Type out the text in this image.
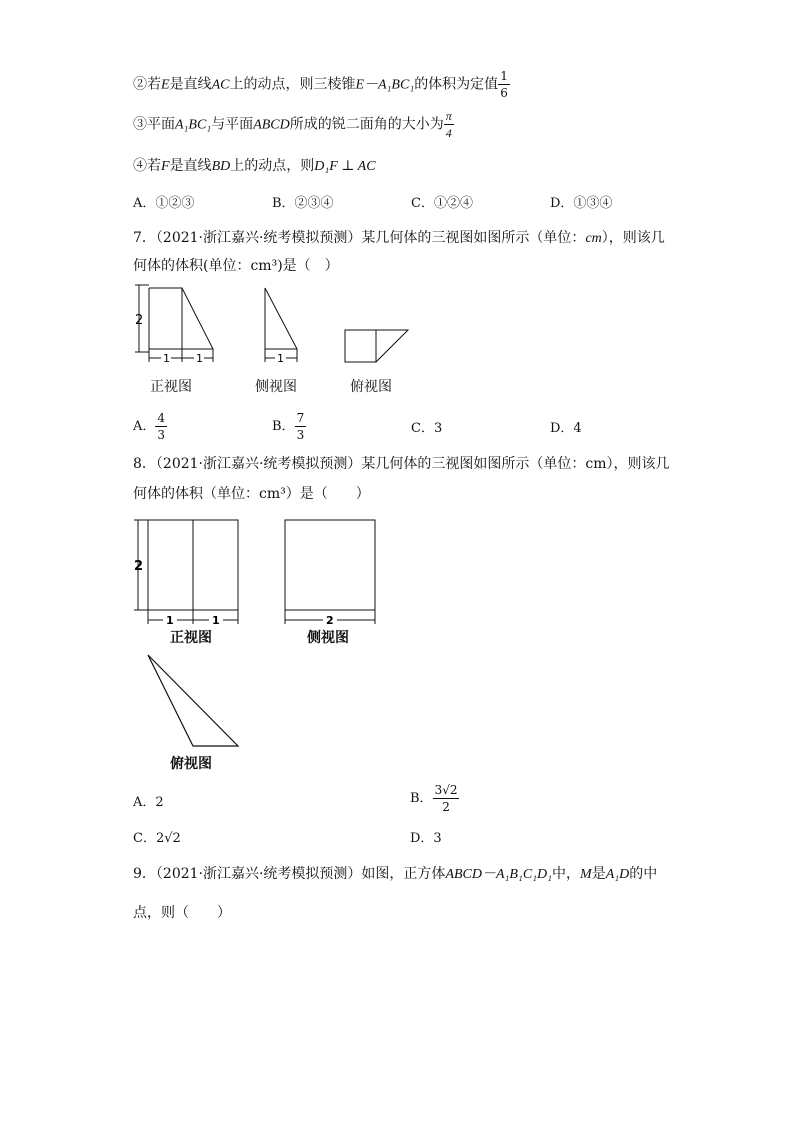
②若E是直线AC上的动点，则三棱锥E－A₁BC₁的体积为定值 $\frac{1}{6}$
③平面A₁BC₁与平面ABCD所成的锐二面角的大小为 $\frac{\pi}{4}$
④若F是直线BD上的动点，则D₁F ⊥ AC
A．①②③	B．②③④	C．①②④	D．①③④
7．（2021·浙江嘉兴·统考模拟预测）某几何体的三视图如图所示（单位：cm），则该几
何体的体积(单位：cm³)是（　）
2
1 1	1
正视图	侧视图	俯视图
A． $\frac{4}{3}$	B． $\frac{7}{3}$	C．3	D．4
8．（2021·浙江嘉兴·统考模拟预测）某几何体的三视图如图所示（单位：cm），则该几
何体的体积（单位：cm³）是（　　）
2
1	1	2
正视图	侧视图
俯视图
A．2	B． $\frac{3√2}{2}$
C．2√2	D．3
9．（2021·浙江嘉兴·统考模拟预测）如图，正方体ABCD－A₁B₁C₁D₁中，M是A₁D的中
点，则（　　）
